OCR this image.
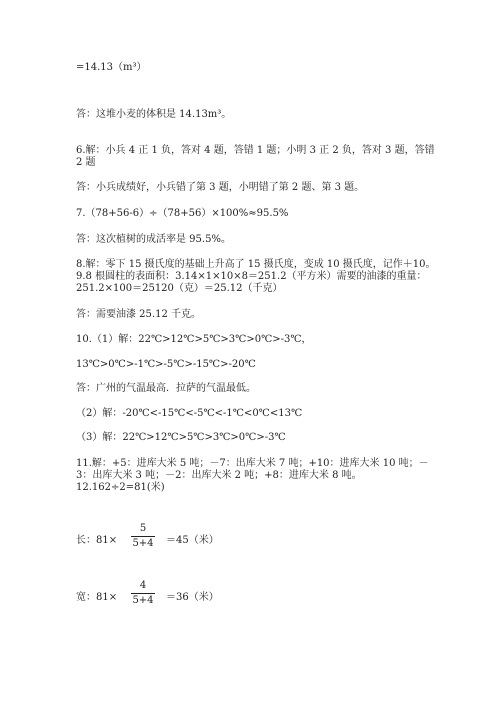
=14.13（m³）
答：这堆小麦的体积是 14.13m³。
6.解：小兵 4 正 1 负，答对 4 题，答错 1 题；小明 3 正 2 负，答对 3 题，答错
2 题
答：小兵成绩好，小兵错了第 3 题，小明错了第 2 题、第 3 题。
7.（78+56-6）÷（78+56）×100%≈95.5%
答：这次植树的成活率是 95.5%。
8.解：零下 15 摄氏度的基础上升高了 15 摄氏度，变成 10 摄氏度，记作＋10。
9.8 根圆柱的表面积：3.14×1×10×8＝251.2（平方米）需要的油漆的重量：
251.2×100＝25120（克）＝25.12（千克）
答：需要油漆 25.12 千克。
10.（1）解：22℃>12℃>5℃>3℃>0℃>-3℃，
13℃>0℃>-1℃>-5℃>-15℃>-20℃
答：广州的气温最高．拉萨的气温最低。
（2）解：-20℃<-15℃<-5℃<-1℃<0℃<13℃
（3）解：22℃>12℃>5℃>3℃>0℃>-3℃
11.解：+5：进库大米 5 吨；－7：出库大米 7 吨；+10：进库大米 10 吨；－
3：出库大米 3 吨；－2：出库大米 2 吨；+8：进库大米 8 吨。
12.162÷2=81(米)
长：81×
5
5+4 ＝45（米）
宽：81×
4
5+4 ＝36（米）
